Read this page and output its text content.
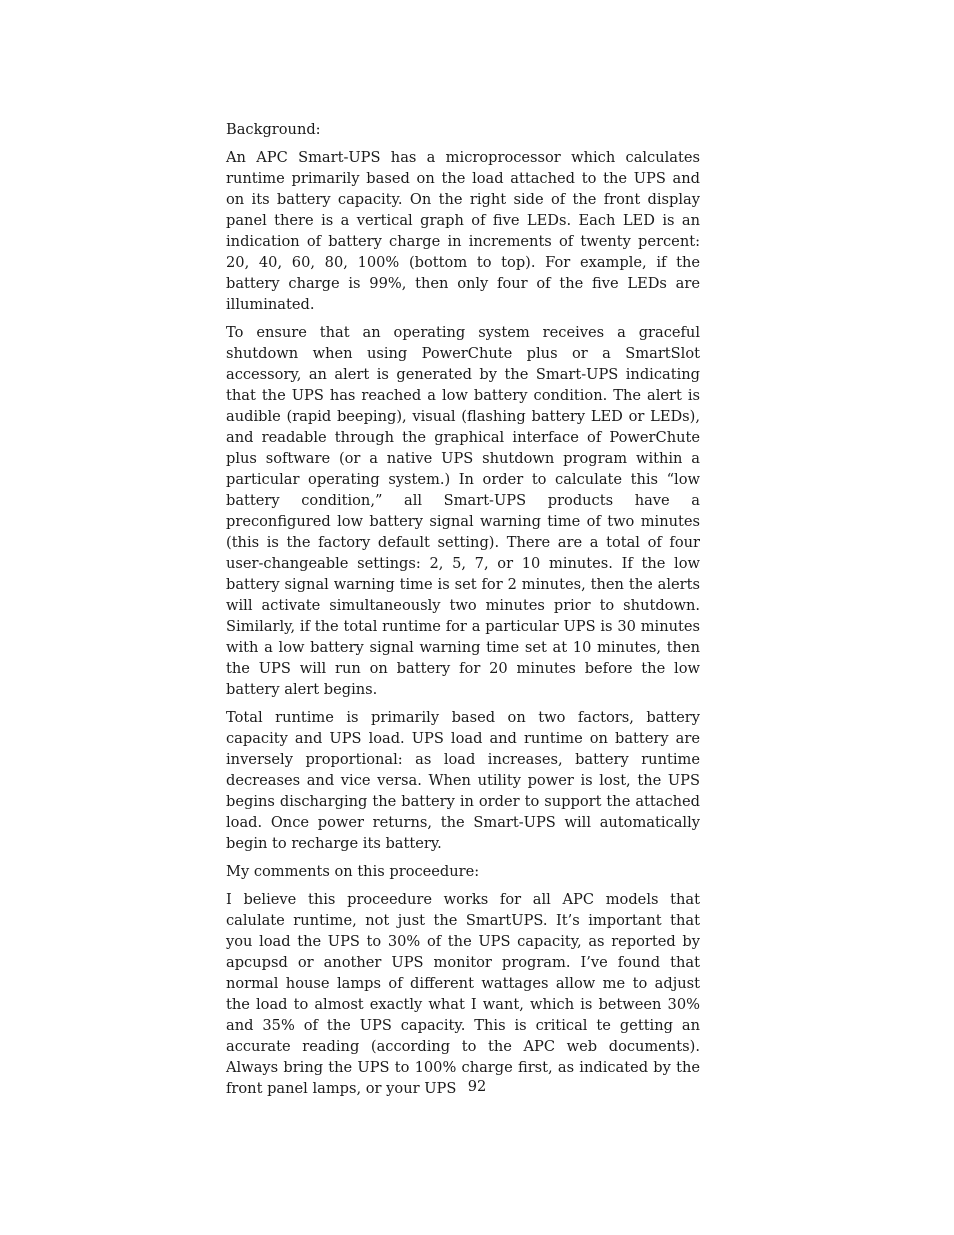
Background:

An APC Smart-UPS has a microprocessor which calculates runtime primarily based on the load attached to the UPS and on its battery capacity. On the right side of the front display panel there is a vertical graph of five LEDs. Each LED is an indication of battery charge in increments of twenty percent: 20, 40, 60, 80, 100% (bottom to top). For example, if the battery charge is 99%, then only four of the five LEDs are illuminated.

To ensure that an operating system receives a graceful shutdown when using PowerChute plus or a SmartSlot accessory, an alert is generated by the Smart-UPS indicating that the UPS has reached a low battery condition. The alert is audible (rapid beeping), visual (flashing battery LED or LEDs), and readable through the graphical interface of PowerChute plus software (or a native UPS shutdown program within a particular operating system.) In order to calculate this “low battery condition,” all Smart-UPS products have a preconfigured low battery signal warning time of two minutes (this is the factory default setting). There are a total of four user-changeable settings: 2, 5, 7, or 10 minutes. If the low battery signal warning time is set for 2 minutes, then the alerts will activate simultaneously two minutes prior to shutdown. Similarly, if the total runtime for a particular UPS is 30 minutes with a low battery signal warning time set at 10 minutes, then the UPS will run on battery for 20 minutes before the low battery alert begins.

Total runtime is primarily based on two factors, battery capacity and UPS load. UPS load and runtime on battery are inversely proportional: as load increases, battery runtime decreases and vice versa. When utility power is lost, the UPS begins discharging the battery in order to support the attached load. Once power returns, the Smart-UPS will automatically begin to recharge its battery.

My comments on this proceedure:

I believe this proceedure works for all APC models that calulate runtime, not just the SmartUPS. It’s important that you load the UPS to 30% of the UPS capacity, as reported by apcupsd or another UPS monitor program. I’ve found that normal house lamps of different wattages allow me to adjust the load to almost exactly what I want, which is between 30% and 35% of the UPS capacity. This is critical te getting an accurate reading (according to the APC web documents). Always bring the UPS to 100% charge first, as indicated by the front panel lamps, or your UPS 92
